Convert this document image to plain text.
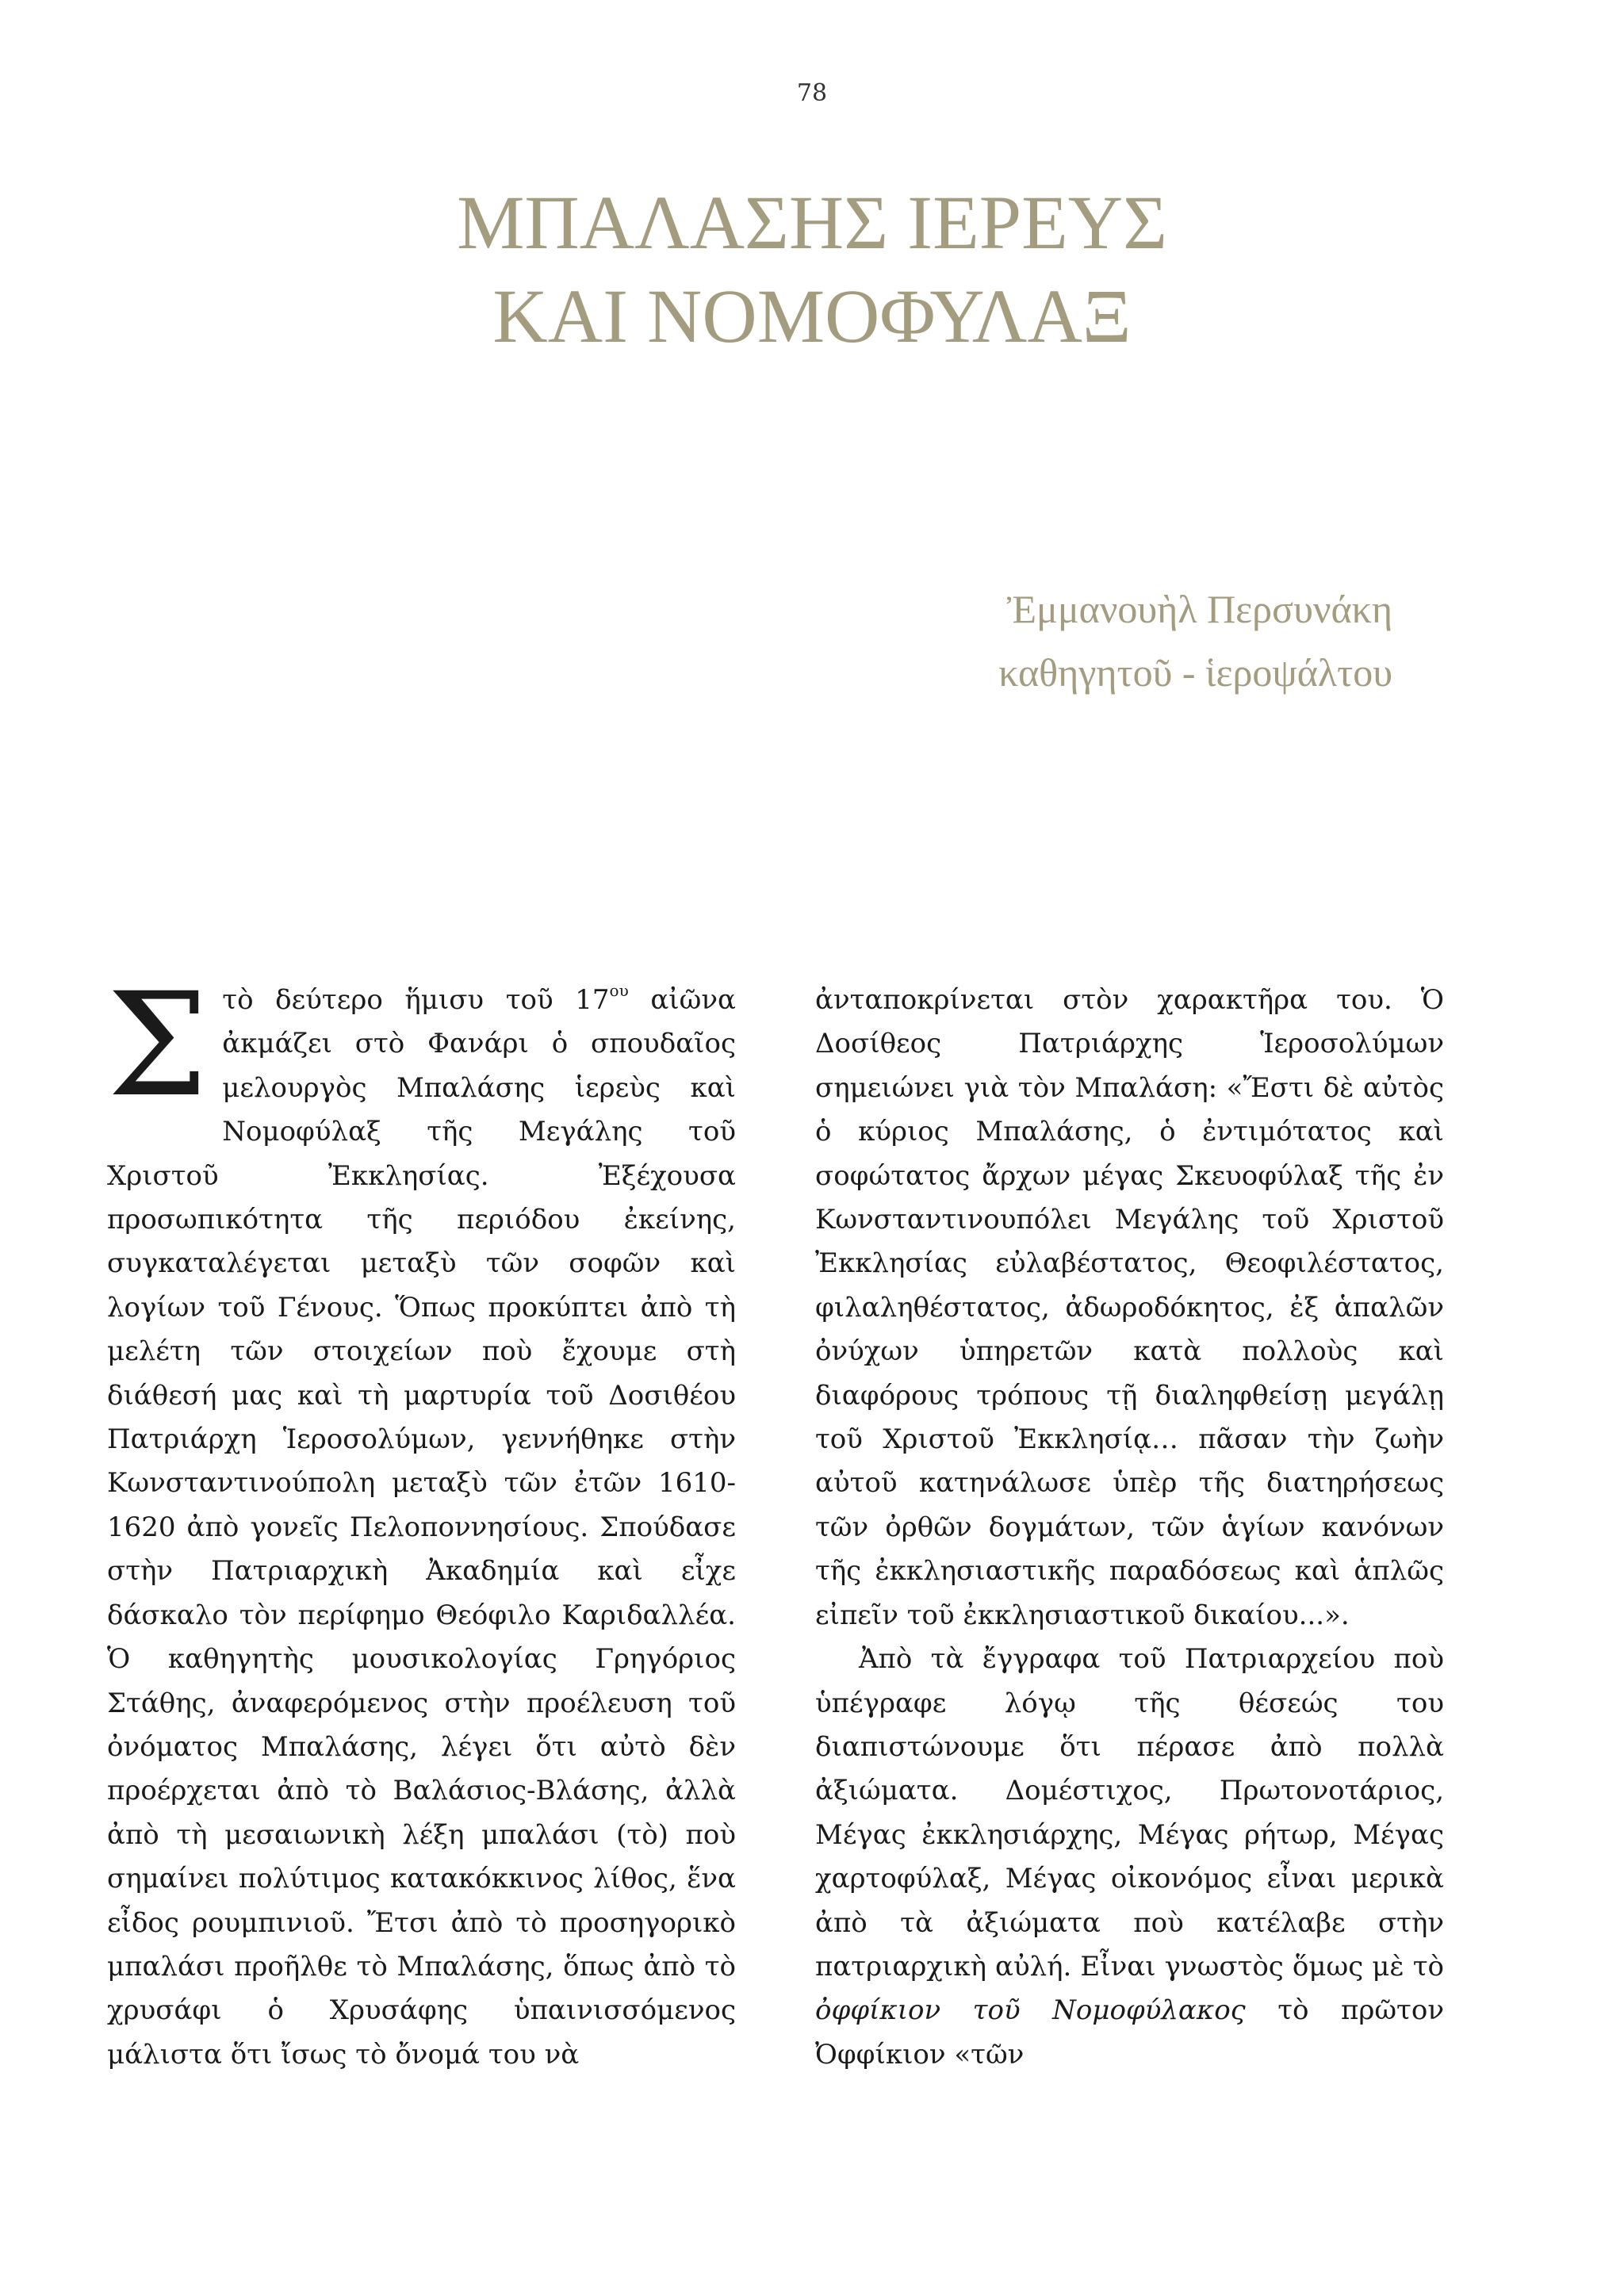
78
ΜΠΑΛΑΣΗΣ ΙΕΡΕΥΣ
ΚΑΙ ΝΟΜΟΦΥΛΑΞ
Ἐμμανουὴλ Περσυνάκη
καθηγητοῦ - ἱεροψάλτου

Στὸ δεύτερο ἥμισυ τοῦ $17^{o\upsilon}$ αἰῶνα ἀκμάζει στὸ Φανάρι ὁ σπουδαῖος μελουργὸς Μπαλάσης ἱερεὺς καὶ Νομοφύλαξ τῆς Μεγάλης τοῦ Χριστοῦ Ἐκκλησίας. Ἐξέχουσα προσωπικότητα τῆς περιόδου ἐκείνης, συγκαταλέγεται μεταξὺ τῶν σοφῶν καὶ λογίων τοῦ Γένους. Ὅπως προκύπτει ἀπὸ τὴ μελέτη τῶν στοιχείων ποὺ ἔχουμε στὴ διάθεσή μας καὶ τὴ μαρτυρία τοῦ Δοσιθέου Πατριάρχη Ἱεροσολύμων, γεννήθηκε στὴν Κωνσταντινούπολη μεταξὺ τῶν ἐτῶν 1610-1620 ἀπὸ γονεῖς Πελοποννησίους. Σπούδασε στὴν Πατριαρχικὴ Ἀκαδημία καὶ εἶχε δάσκαλο τὸν περίφημο Θεόφιλο Καριδαλλέα. Ὁ καθηγητὴς μουσικολογίας Γρηγόριος Στάθης, ἀναφερόμενος στὴν προέλευση τοῦ ὀνόματος Μπαλάσης, λέγει ὅτι αὐτὸ δὲν προέρχεται ἀπὸ τὸ Βαλάσιος-Βλάσης, ἀλλὰ ἀπὸ τὴ μεσαιωνικὴ λέξη μπαλάσι (τὸ) ποὺ σημαίνει πολύτιμος κατακόκκινος λίθος, ἕνα εἶδος ρουμπινιοῦ. Ἔτσι ἀπὸ τὸ προσηγορικὸ μπαλάσι προῆλθε τὸ Μπαλάσης, ὅπως ἀπὸ τὸ χρυσάφι ὁ Χρυσάφης ὑπαινισσόμενος μάλιστα ὅτι ἴσως τὸ ὄνομά του νὰ

ἀνταποκρίνεται στὸν χαρακτῆρα του. Ὁ Δοσίθεος Πατριάρχης Ἱεροσολύμων σημειώνει γιὰ τὸν Μπαλάση: «Ἔστι δὲ αὐτὸς ὁ κύριος Μπαλάσης, ὁ ἐντιμότατος καὶ σοφώτατος ἄρχων μέγας Σκευοφύλαξ τῆς ἐν Κωνσταντινουπόλει Μεγάλης τοῦ Χριστοῦ Ἐκκλησίας εὐλαβέστατος, Θεοφιλέστατος, φιλαληθέστατος, ἀδωροδόκητος, ἐξ ἁπαλῶν ὀνύχων ὑπηρετῶν κατὰ πολλοὺς καὶ διαφόρους τρόπους τῇ διαληφθείσῃ μεγάλῃ τοῦ Χριστοῦ Ἐκκλησίᾳ… πᾶσαν τὴν ζωὴν αὐτοῦ κατηνάλωσε ὑπὲρ τῆς διατηρήσεως τῶν ὀρθῶν δογμάτων, τῶν ἁγίων κανόνων τῆς ἐκκλησιαστικῆς παραδόσεως καὶ ἁπλῶς εἰπεῖν τοῦ ἐκκλησιαστικοῦ δικαίου...».

Ἀπὸ τὰ ἔγγραφα τοῦ Πατριαρχείου ποὺ ὑπέγραφε λόγῳ τῆς θέσεώς του διαπιστώνουμε ὅτι πέρασε ἀπὸ πολλὰ ἀξιώματα. Δομέστιχος, Πρωτονοτάριος, Μέγας ἐκκλησιάρχης, Μέγας ρήτωρ, Μέγας χαρτοφύλαξ, Μέγας οἰκονόμος εἶναι μερικὰ ἀπὸ τὰ ἀξιώματα ποὺ κατέλαβε στὴν πατριαρχικὴ αὐλή. Εἶναι γνωστὸς ὅμως μὲ τὸ ὀφφίκιον τοῦ Νομοφύλακος τὸ πρῶτον Ὀφφίκιον «τῶν
